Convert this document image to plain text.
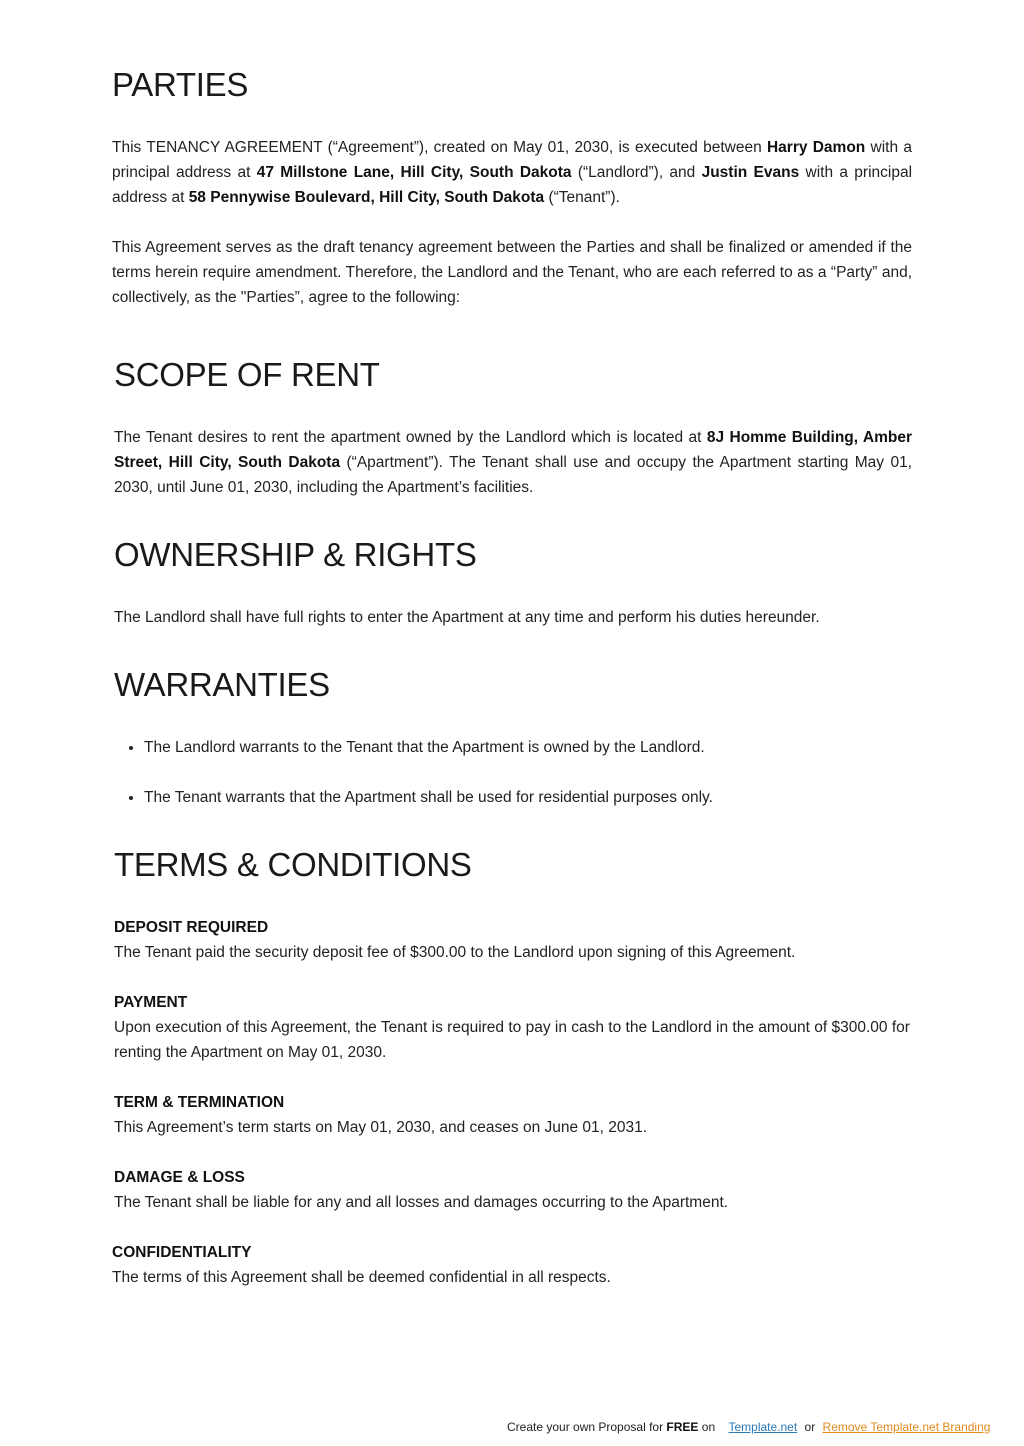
PARTIES

This TENANCY AGREEMENT (“Agreement”), created on May 01, 2030, is executed between Harry Damon with a principal address at 47 Millstone Lane, Hill City, South Dakota (“Landlord”), and Justin Evans with a principal address at 58 Pennywise Boulevard, Hill City, South Dakota (“Tenant”).

This Agreement serves as the draft tenancy agreement between the Parties and shall be finalized or amended if the terms herein require amendment. Therefore, the Landlord and the Tenant, who are each referred to as a “Party” and, collectively, as the "Parties”, agree to the following:

SCOPE OF RENT

The Tenant desires to rent the apartment owned by the Landlord which is located at 8J Homme Building, Amber Street, Hill City, South Dakota (“Apartment”). The Tenant shall use and occupy the Apartment starting May 01, 2030, until June 01, 2030, including the Apartment’s facilities.

OWNERSHIP & RIGHTS

The Landlord shall have full rights to enter the Apartment at any time and perform his duties hereunder.

WARRANTIES
• The Landlord warrants to the Tenant that the Apartment is owned by the Landlord.
• The Tenant warrants that the Apartment shall be used for residential purposes only.
TERMS & CONDITIONS
DEPOSIT REQUIRED

The Tenant paid the security deposit fee of $300.00 to the Landlord upon signing of this Agreement.

PAYMENT

Upon execution of this Agreement, the Tenant is required to pay in cash to the Landlord in the amount of $300.00 for renting the Apartment on May 01, 2030.

TERM & TERMINATION

This Agreement’s term starts on May 01, 2030, and ceases on June 01, 2031.

DAMAGE & LOSS

The Tenant shall be liable for any and all losses and damages occurring to the Apartment.

CONFIDENTIALITY

The terms of this Agreement shall be deemed confidential in all respects.

Create your own Proposal for FREE on Template.net or Remove Template.net Branding
